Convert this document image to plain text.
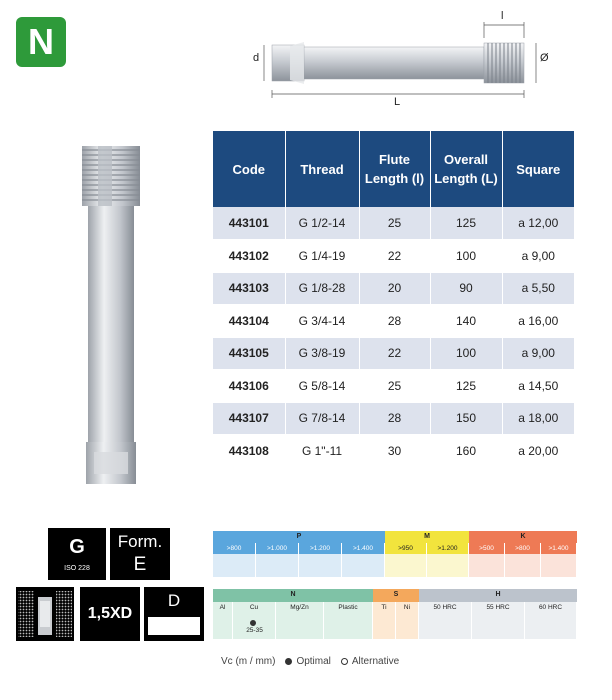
N	d
l
Ø
L
Code	Thread	Flute Length (l)	Overall Length (L)	Square
443101	G 1/2-14	25	125	a 12,00
443102	G 1/4-19	22	100	a 9,00
443103	G 1/8-28	20	90	a 5,50
443104	G 3/4-14	28	140	a 16,00
443105	G 3/8-19	22	100	a 9,00
443106	G 5/8-14	25	125	a 14,50
443107	G 7/8-14	28	150	a 18,00
443108	G 1"-11	30	160	a 20,00
G
ISO 228
Form.
E
1,5XD
D
P
>800	>1.000	>1.200	>1.400
M
>950	>1.200
K
>500	>800	>1.400
N
Al	Cu	Mg/Zn	Plastic
25-35
S
Ti	Ni
H
50 HRC	55 HRC	60 HRC
Vc (m / mm) Optimal Alternative
